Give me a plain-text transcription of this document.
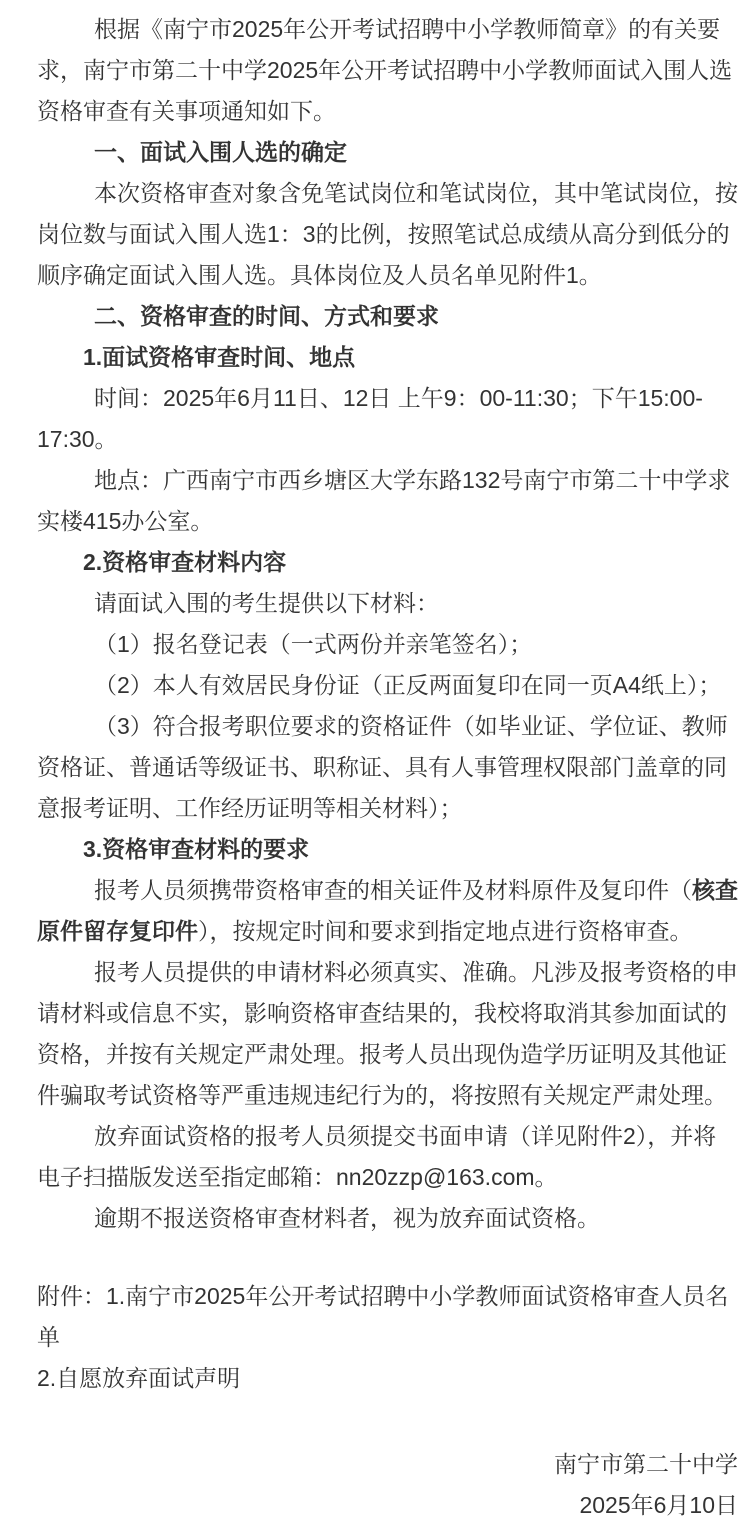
根据《南宁市2025年公开考试招聘中小学教师简章》的有关要求，南宁市第二十中学2025年公开考试招聘中小学教师面试入围人选资格审查有关事项通知如下。

一、面试入围人选的确定

本次资格审查对象含免笔试岗位和笔试岗位，其中笔试岗位，按岗位数与面试入围人选1：3的比例，按照笔试总成绩从高分到低分的顺序确定面试入围人选。具体岗位及人员名单见附件1。

二、资格审查的时间、方式和要求

1.面试资格审查时间、地点

时间：2025年6月11日、12日 上午9：00-11:30；下午15:00-17:30。

地点：广西南宁市西乡塘区大学东路132号南宁市第二十中学求实楼415办公室。

2.资格审查材料内容

请面试入围的考生提供以下材料：

（1）报名登记表（一式两份并亲笔签名）；

（2）本人有效居民身份证（正反两面复印在同一页A4纸上）；

（3）符合报考职位要求的资格证件（如毕业证、学位证、教师资格证、普通话等级证书、职称证、具有人事管理权限部门盖章的同意报考证明、工作经历证明等相关材料）；

3.资格审查材料的要求

报考人员须携带资格审查的相关证件及材料原件及复印件（核查原件留存复印件），按规定时间和要求到指定地点进行资格审查。

报考人员提供的申请材料必须真实、准确。凡涉及报考资格的申请材料或信息不实，影响资格审查结果的，我校将取消其参加面试的资格，并按有关规定严肃处理。报考人员出现伪造学历证明及其他证件骗取考试资格等严重违规违纪行为的，将按照有关规定严肃处理。

放弃面试资格的报考人员须提交书面申请（详见附件2），并将电子扫描版发送至指定邮箱：nn20zzp@163.com。

逾期不报送资格审查材料者，视为放弃面试资格。

附件：1.南宁市2025年公开考试招聘中小学教师面试资格审查人员名单

2.自愿放弃面试声明

南宁市第二十中学

2025年6月10日
